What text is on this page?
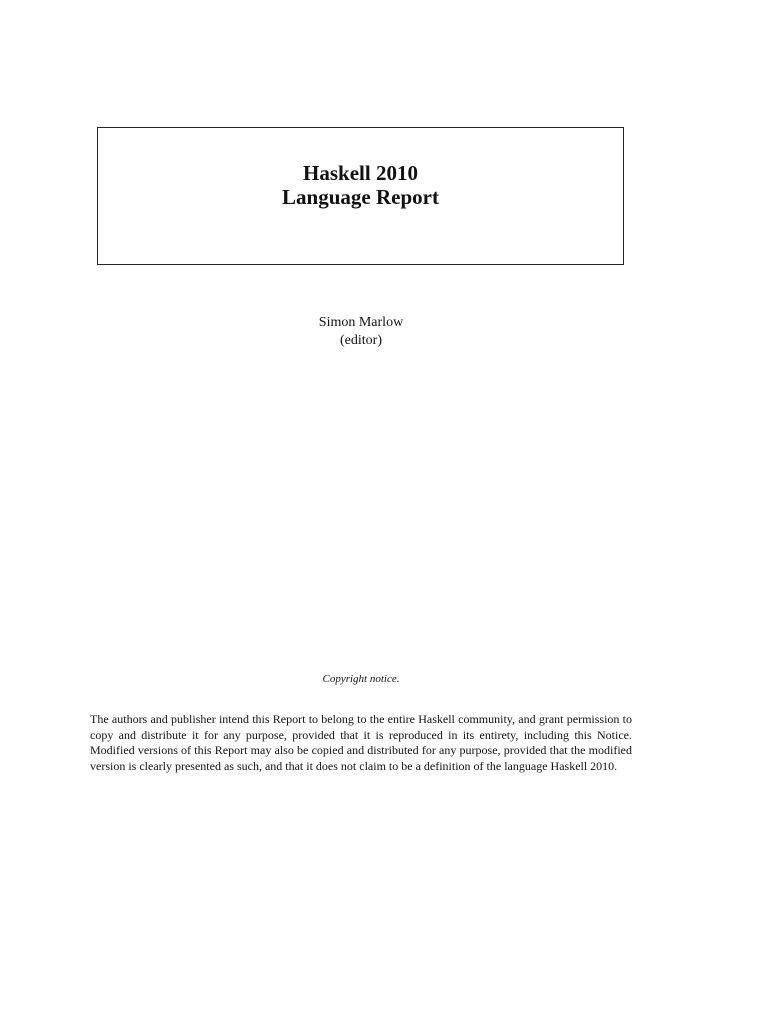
Haskell 2010
Language Report
Simon Marlow
(editor)
Copyright notice.

The authors and publisher intend this Report to belong to the entire Haskell community, and grant permission to copy and distribute it for any purpose, provided that it is reproduced in its entirety, including this Notice. Modified versions of this Report may also be copied and distributed for any purpose, provided that the modified version is clearly presented as such, and that it does not claim to be a definition of the language Haskell 2010.
